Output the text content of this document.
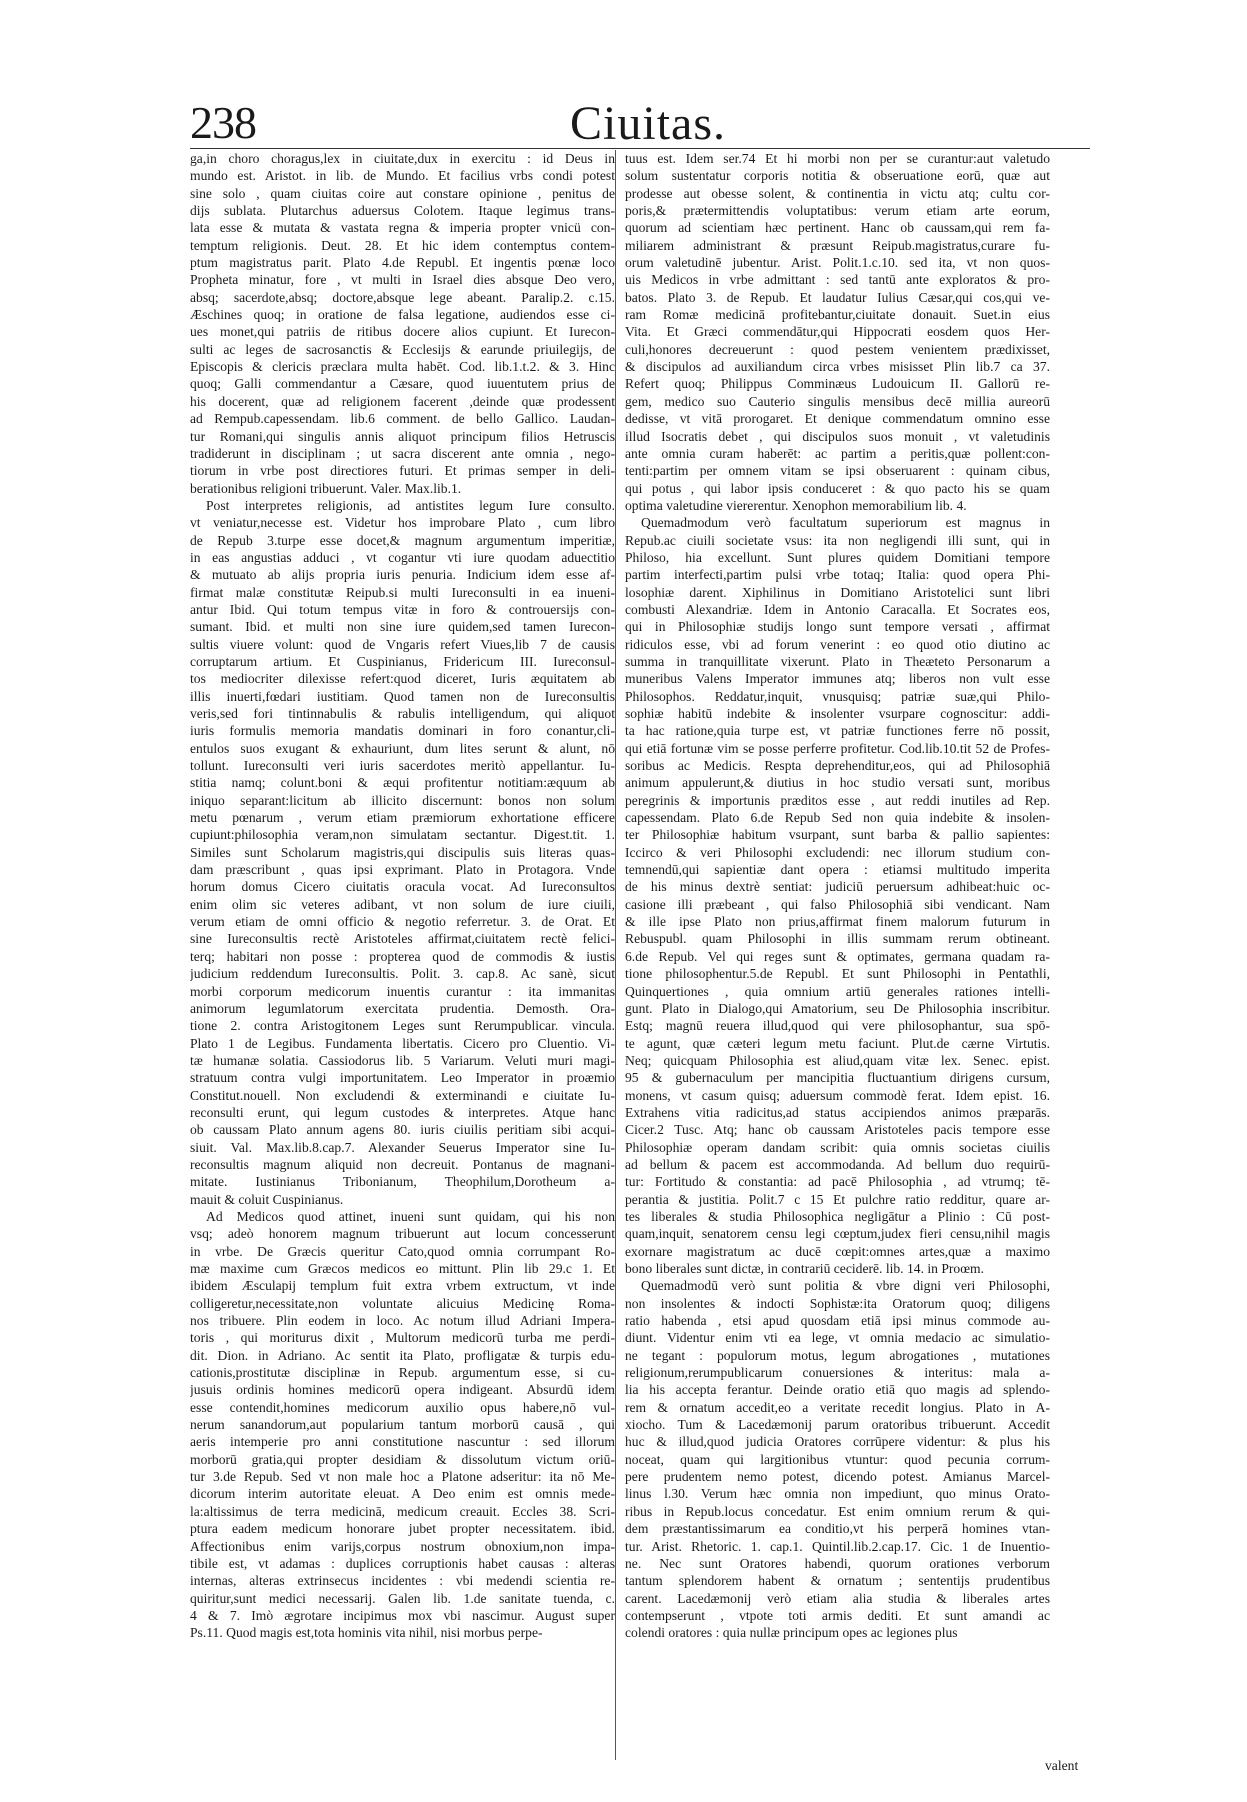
238	Ciuitas.
ga,in choro choragus,lex in ciuitate,dux in exercitu : id Deus in
mundo est. Aristot. in lib. de Mundo. Et facilius vrbs condi potest
sine solo , quam ciuitas coire aut constare opinione , penitus de
dijs sublata. Plutarchus aduersus Colotem. Itaque legimus trans-
lata esse & mutata & vastata regna & imperia propter vnicü con-
temptum religionis. Deut. 28. Et hic idem contemptus contem-
ptum magistratus parit. Plato 4.de Republ. Et ingentis pœnæ loco
Propheta minatur, fore , vt multi in Israel dies absque Deo vero,
absq; sacerdote,absq; doctore,absque lege abeant. Paralip.2. c.15.
Æschines quoq; in oratione de falsa legatione, audiendos esse ci-
ues monet,qui patriis de ritibus docere alios cupiunt. Et Iurecon-
sulti ac leges de sacrosanctis & Ecclesijs & earunde priuilegijs, de
Episcopis & clericis præclara multa habēt. Cod. lib.1.t.2. & 3. Hinc
quoq; Galli commendantur a Cæsare, quod iuuentutem prius de
his docerent, quæ ad religionem facerent ,deinde quæ prodessent
ad Rempub.capessendam. lib.6 comment. de bello Gallico. Laudan-
tur Romani,qui singulis annis aliquot principum filios Hetruscis
tradiderunt in disciplinam ; ut sacra discerent ante omnia , nego-
tiorum in vrbe post directiores futuri. Et primas semper in deli-
berationibus religioni tribuerunt. Valer. Max.lib.1.
Post interpretes religionis, ad antistites legum Iure consulto.
vt veniatur,necesse est. Videtur hos improbare Plato , cum libro
de Repub 3.turpe esse docet,& magnum argumentum imperitiæ,
in eas angustias adduci , vt cogantur vti iure quodam aduectitio
& mutuato ab alijs propria iuris penuria. Indicium idem esse af-
firmat malæ constitutæ Reipub.si multi Iureconsulti in ea inueni-
antur Ibid. Qui totum tempus vitæ in foro & controuersijs con-
sumant. Ibid. et multi non sine iure quidem,sed tamen Iurecon-
sultis viuere volunt: quod de Vngaris refert Viues,lib 7 de causis
corruptarum artium. Et Cuspinianus, Fridericum III. Iureconsul-
tos mediocriter dilexisse refert:quod diceret, Iuris æquitatem ab
illis inuerti,fœdari iustitiam. Quod tamen non de Iureconsultis
veris,sed fori tintinnabulis & rabulis intelligendum, qui aliquot
iuris formulis memoria mandatis dominari in foro conantur,cli-
entulos suos exugant & exhauriunt, dum lites serunt & alunt, nō
tollunt. Iureconsulti veri iuris sacerdotes meritò appellantur. Iu-
stitia namq; colunt.boni & æqui profitentur notitiam:æquum ab
iniquo separant:licitum ab illicito discernunt: bonos non solum
metu pœnarum , verum etiam præmiorum exhortatione efficere
cupiunt:philosophia veram,non simulatam sectantur. Digest.tit. 1.
Similes sunt Scholarum magistris,qui discipulis suis literas quas-
dam præscribunt , quas ipsi exprimant. Plato in Protagora. Vnde
horum domus Cicero ciuitatis oracula vocat. Ad Iureconsultos
enim olim sic veteres adibant, vt non solum de iure ciuili,
verum etiam de omni officio & negotio referretur. 3. de Orat. Et
sine Iureconsultis rectè Aristoteles affirmat,ciuitatem rectè felici-
terq; habitari non posse : propterea quod de commodis & iustis
judicium reddendum Iureconsultis. Polit. 3. cap.8. Ac sanè, sicut
morbi corporum medicorum inuentis curantur : ita immanitas
animorum legumlatorum exercitata prudentia. Demosth. Ora-
tione 2. contra Aristogitonem Leges sunt Rerumpublicar. vincula.
Plato 1 de Legibus. Fundamenta libertatis. Cicero pro Cluentio. Vi-
tæ humanæ solatia. Cassiodorus lib. 5 Variarum. Veluti muri magi-
stratuum contra vulgi importunitatem. Leo Imperator in proæmio
Constitut.nouell. Non excludendi & exterminandi e ciuitate Iu-
reconsulti erunt, qui legum custodes & interpretes. Atque hanc
ob caussam Plato annum agens 80. iuris ciuilis peritiam sibi acqui-
siuit. Val. Max.lib.8.cap.7. Alexander Seuerus Imperator sine Iu-
reconsultis magnum aliquid non decreuit. Pontanus de magnani-
mitate. Iustinianus Tribonianum, Theophilum,Dorotheum a-
mauit & coluit Cuspinianus.
Ad Medicos quod attinet, inueni sunt quidam, qui his non
vsq; adeò honorem magnum tribuerunt aut locum concesserunt
in vrbe. De Græcis queritur Cato,quod omnia corrumpant Ro-
mæ maxime cum Græcos medicos eo mittunt. Plin lib 29.c 1. Et
ibidem Æsculapij templum fuit extra vrbem extructum, vt inde
colligeretur,necessitate,non voluntate alicuius Medicinę Roma-
nos tribuere. Plin eodem in loco. Ac notum illud Adriani Impera-
toris , qui moriturus dixit , Multorum medicorū turba me perdi-
dit. Dion. in Adriano. Ac sentit ita Plato, profligatæ & turpis edu-
cationis,prostitutæ disciplinæ in Repub. argumentum esse, si cu-
jusuis ordinis homines medicorū opera indigeant. Absurdū idem
esse contendit,homines medicorum auxilio opus habere,nō vul-
nerum sanandorum,aut popularium tantum morborū causā , qui
aeris intemperie pro anni constitutione nascuntur : sed illorum
morborū gratia,qui propter desidiam & dissolutum victum oriū-
tur 3.de Repub. Sed vt non male hoc a Platone adseritur: ita nō Me-
dicorum interim autoritate eleuat. A Deo enim est omnis mede-
la:altissimus de terra medicinā, medicum creauit. Eccles 38. Scri-
ptura eadem medicum honorare jubet propter necessitatem. ibid.
Affectionibus enim varijs,corpus nostrum obnoxium,non impa-
tibile est, vt adamas : duplices corruptionis habet causas : alteras
internas, alteras extrinsecus incidentes : vbi medendi scientia re-
quiritur,sunt medici necessarij. Galen lib. 1.de sanitate tuenda, c.
4 & 7. Imò ægrotare incipimus mox vbi nascimur. August super
Ps.11. Quod magis est,tota hominis vita nihil, nisi morbus perpe-
tuus est. Idem ser.74 Et hi morbi non per se curantur:aut valetudo
solum sustentatur corporis notitia & obseruatione eorū, quæ aut
prodesse aut obesse solent, & continentia in victu atq; cultu cor-
poris,& prætermittendis voluptatibus: verum etiam arte eorum,
quorum ad scientiam hæc pertinent. Hanc ob caussam,qui rem fa-
miliarem administrant & præsunt Reipub.magistratus,curare fu-
orum valetudinē jubentur. Arist. Polit.1.c.10. sed ita, vt non quos-
uis Medicos in vrbe admittant : sed tantū ante exploratos & pro-
batos. Plato 3. de Repub. Et laudatur Iulius Cæsar,qui cos,qui ve-
ram Romæ medicinā profitebantur,ciuitate donauit. Suet.in eius
Vita. Et Græci commendātur,qui Hippocrati eosdem quos Her-
culi,honores decreuerunt : quod pestem venientem prædixisset,
& discipulos ad auxiliandum circa vrbes misisset Plin lib.7 ca 37.
Refert quoq; Philippus Comminæus Ludouicum II. Gallorū re-
gem, medico suo Cauterio singulis mensibus decē millia aureorū
dedisse, vt vitā prorogaret. Et denique commendatum omnino esse
illud Isocratis debet , qui discipulos suos monuit , vt valetudinis
ante omnia curam haberēt: ac partim a peritis,quæ pollent:con-
tenti:partim per omnem vitam se ipsi obseruarent : quinam cibus,
qui potus , qui labor ipsis conduceret : & quo pacto his se quam
optima valetudine viererentur. Xenophon memorabilium lib. 4.
Quemadmodum verò facultatum superiorum est magnus in
Repub.ac ciuili societate vsus: ita non negligendi illi sunt, qui in
Philoso, hia excellunt. Sunt plures quidem Domitiani tempore
partim interfecti,partim pulsi vrbe totaq; Italia: quod opera Phi-
losophiæ darent. Xiphilinus in Domitiano Aristotelici sunt libri
combusti Alexandriæ. Idem in Antonio Caracalla. Et Socrates eos,
qui in Philosophiæ studijs longo sunt tempore versati , affirmat
ridiculos esse, vbi ad forum venerint : eo quod otio diutino ac
summa in tranquillitate vixerunt. Plato in Theæteto Personarum a
muneribus Valens Imperator immunes atq; liberos non vult esse
Philosophos. Reddatur,inquit, vnusquisq; patriæ suæ,qui Philo-
sophiæ habitū indebite & insolenter vsurpare cognoscitur: addi-
ta hac ratione,quia turpe est, vt patriæ functiones ferre nō possit,
qui etiā fortunæ vim se posse perferre profitetur. Cod.lib.10.tit 52 de Profes-
soribus ac Medicis. Respta deprehenditur,eos, qui ad Philosophiā
animum appulerunt,& diutius in hoc studio versati sunt, moribus
peregrinis & importunis præditos esse , aut reddi inutiles ad Rep.
capessendam. Plato 6.de Repub Sed non quia indebite & insolen-
ter Philosophiæ habitum vsurpant, sunt barba & pallio sapientes:
Iccirco & veri Philosophi excludendi: nec illorum studium con-
temnendū,qui sapientiæ dant opera : etiamsi multitudo imperita
de his minus dextrè sentiat: judiciū peruersum adhibeat:huic oc-
casione illi præbeant , qui falso Philosophiā sibi vendicant. Nam
& ille ipse Plato non prius,affirmat finem malorum futurum in
Rebuspubl. quam Philosophi in illis summam rerum obtineant.
6.de Repub. Vel qui reges sunt & optimates, germana quadam ra-
tione philosophentur.5.de Republ. Et sunt Philosophi in Pentathli,
Quinquertiones , quia omnium artiū generales rationes intelli-
gunt. Plato in Dialogo,qui Amatorium, seu De Philosophia inscribitur.
Estq; magnū reuera illud,quod qui vere philosophantur, sua spō-
te agunt, quæ cæteri legum metu faciunt. Plut.de cærne Virtutis.
Neq; quicquam Philosophia est aliud,quam vitæ lex. Senec. epist.
95 & gubernaculum per mancipitia fluctuantium dirigens cursum,
monens, vt casum quisq; aduersum commodè ferat. Idem epist. 16.
Extrahens vitia radicitus,ad status accipiendos animos præparās.
Cicer.2 Tusc. Atq; hanc ob caussam Aristoteles pacis tempore esse
Philosophiæ operam dandam scribit: quia omnis societas ciuilis
ad bellum & pacem est accommodanda. Ad bellum duo requirū-
tur: Fortitudo & constantia: ad pacē Philosophia , ad vtrumq; tē-
perantia & justitia. Polit.7 c 15 Et pulchre ratio redditur, quare ar-
tes liberales & studia Philosophica negligātur a Plinio : Cū post-
quam,inquit, senatorem censu legi cœptum,judex fieri censu,nihil magis
exornare magistratum ac ducē cœpit:omnes artes,quæ a maximo
bono liberales sunt dictæ, in contrariū ceciderē. lib. 14. in Proœm.
Quemadmodū verò sunt politia & vbre digni veri Philosophi,
non insolentes & indocti Sophistæ:ita Oratorum quoq; diligens
ratio habenda , etsi apud quosdam etiā ipsi minus commode au-
diunt. Videntur enim vti ea lege, vt omnia medacio ac simulatio-
ne tegant : populorum motus, legum abrogationes , mutationes
religionum,rerumpublicarum conuersiones & interitus: mala a-
lia his accepta ferantur. Deinde oratio etiā quo magis ad splendo-
rem & ornatum accedit,eo a veritate recedit longius. Plato in A-
xiocho. Tum & Lacedæmonij parum oratoribus tribuerunt. Accedit
huc & illud,quod judicia Oratores corrūpere videntur: & plus his
noceat, quam qui largitionibus vtuntur: quod pecunia corrum-
pere prudentem nemo potest, dicendo potest. Amianus Marcel-
linus l.30. Verum hæc omnia non impediunt, quo minus Orato-
ribus in Repub.locus concedatur. Est enim omnium rerum & qui-
dem præstantissimarum ea conditio,vt his perperā homines vtan-
tur. Arist. Rhetoric. 1. cap.1. Quintil.lib.2.cap.17. Cic. 1 de Inuentio-
ne. Nec sunt Oratores habendi, quorum orationes verborum
tantum splendorem habent & ornatum ; sententijs prudentibus
carent. Lacedæmonij verò etiam alia studia & liberales artes
contempserunt , vtpote toti armis dediti. Et sunt amandi ac
colendi oratores : quia nullæ principum opes ac legiones plus
valent
